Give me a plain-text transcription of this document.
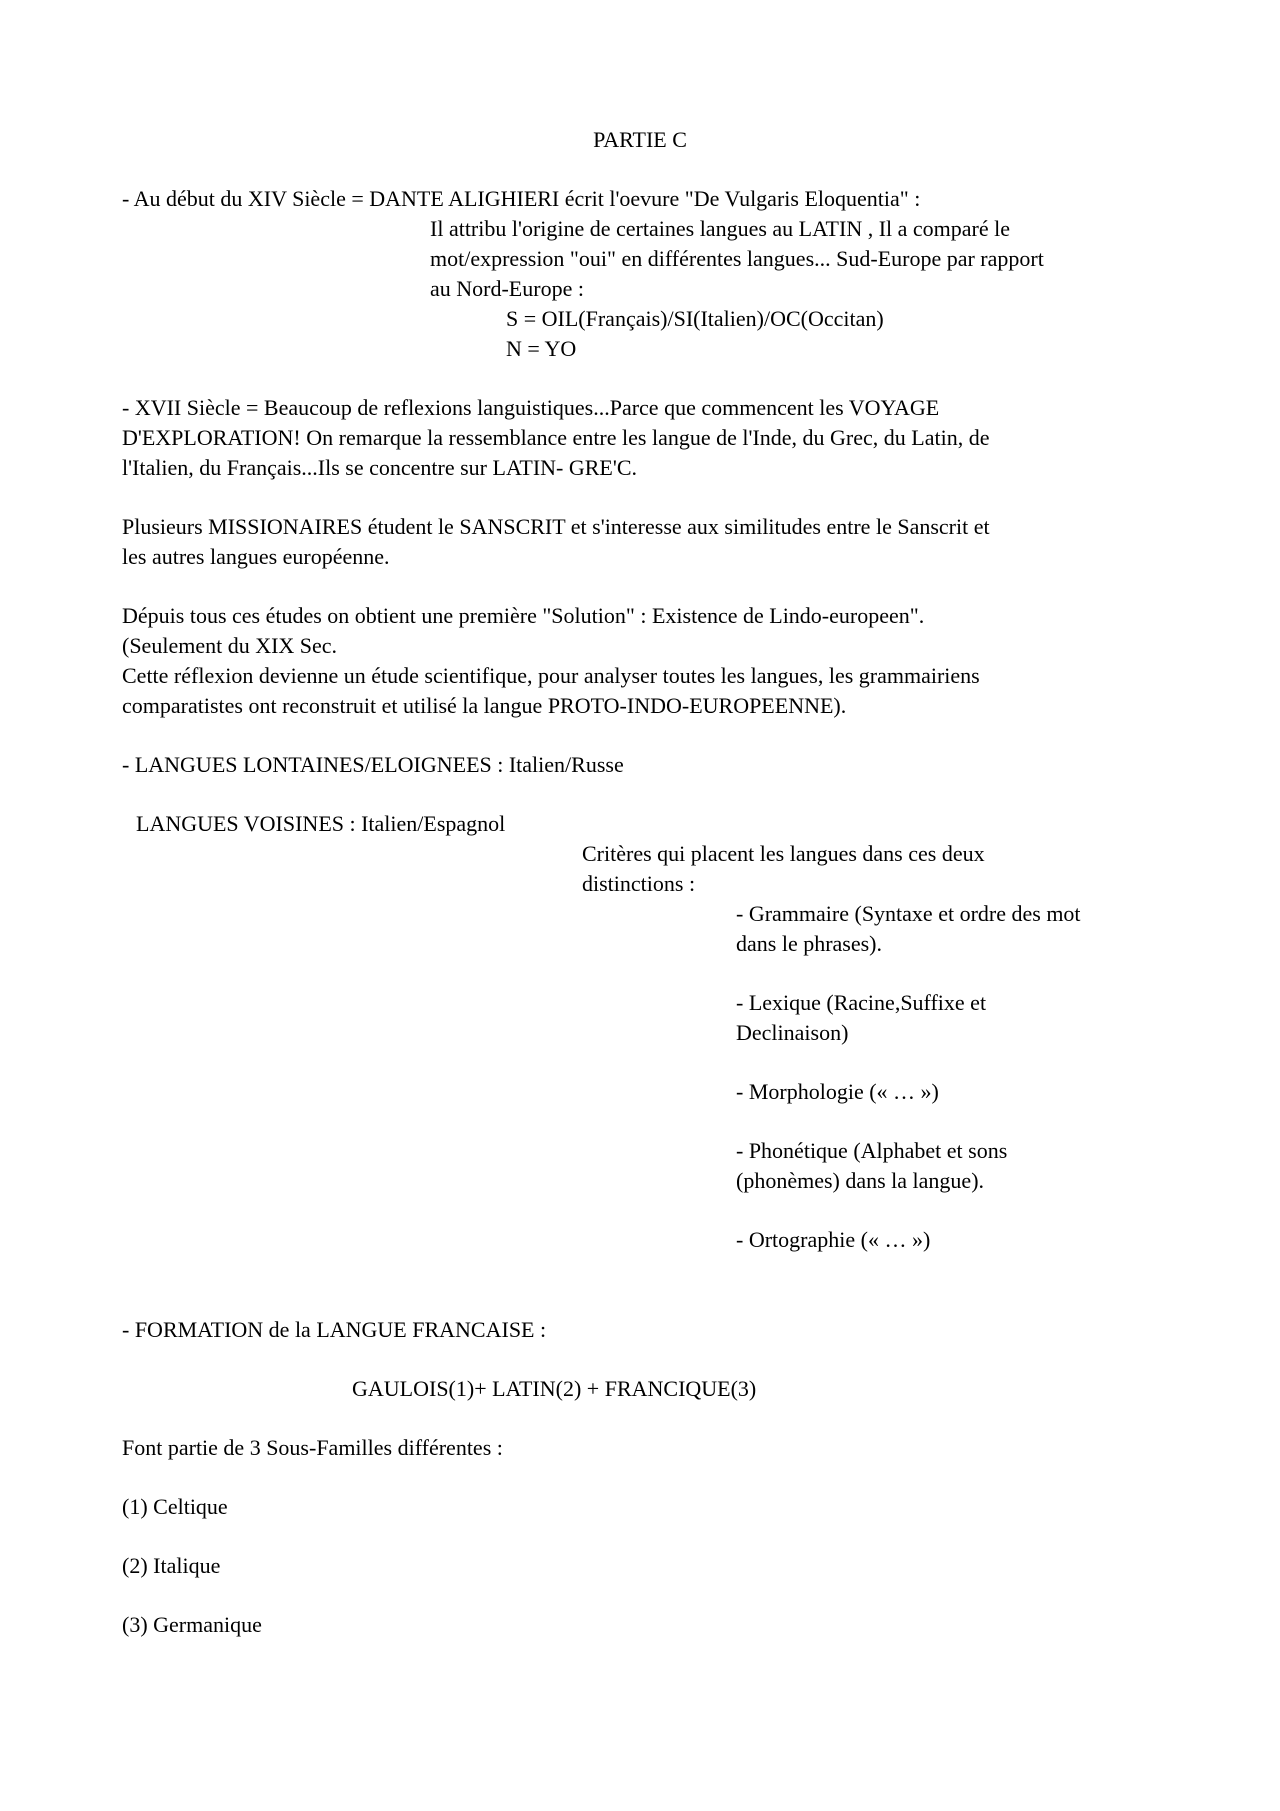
PARTIE C

- Au début du XIV Siècle = DANTE ALIGHIERI écrit l'oevure "De Vulgaris Eloquentia" :

Il attribu l'origine de certaines langues au LATIN , Il a comparé le

mot/expression "oui" en différentes langues... Sud-Europe par rapport

au Nord-Europe :

S = OIL(Français)/SI(Italien)/OC(Occitan)

N = YO

- XVII Siècle = Beaucoup de reflexions languistiques...Parce que commencent les VOYAGE

D'EXPLORATION! On remarque la ressemblance entre les langue de l'Inde, du Grec, du Latin, de

l'Italien, du Français...Ils se concentre sur LATIN- GRE'C.

Plusieurs MISSIONAIRES étudent le SANSCRIT et s'interesse aux similitudes entre le Sanscrit et

les autres langues européenne.

Dépuis tous ces études on obtient une première "Solution" : Existence de Lindo-europeen".

(Seulement du XIX Sec.

Cette réflexion devienne un étude scientifique, pour analyser toutes les langues, les grammairiens

comparatistes ont reconstruit et utilisé la langue PROTO-INDO-EUROPEENNE).

- LANGUES LONTAINES/ELOIGNEES : Italien/Russe

LANGUES VOISINES : Italien/Espagnol

Critères qui placent les langues dans ces deux

distinctions :

- Grammaire (Syntaxe et ordre des mot

dans le phrases).

- Lexique (Racine,Suffixe et

Declinaison)

- Morphologie (« … »)

- Phonétique (Alphabet et sons

(phonèmes) dans la langue).

- Ortographie (« … »)

- FORMATION de la LANGUE FRANCAISE :

GAULOIS(1)+ LATIN(2) + FRANCIQUE(3)

Font partie de 3 Sous-Familles différentes :

(1) Celtique

(2) Italique

(3) Germanique
